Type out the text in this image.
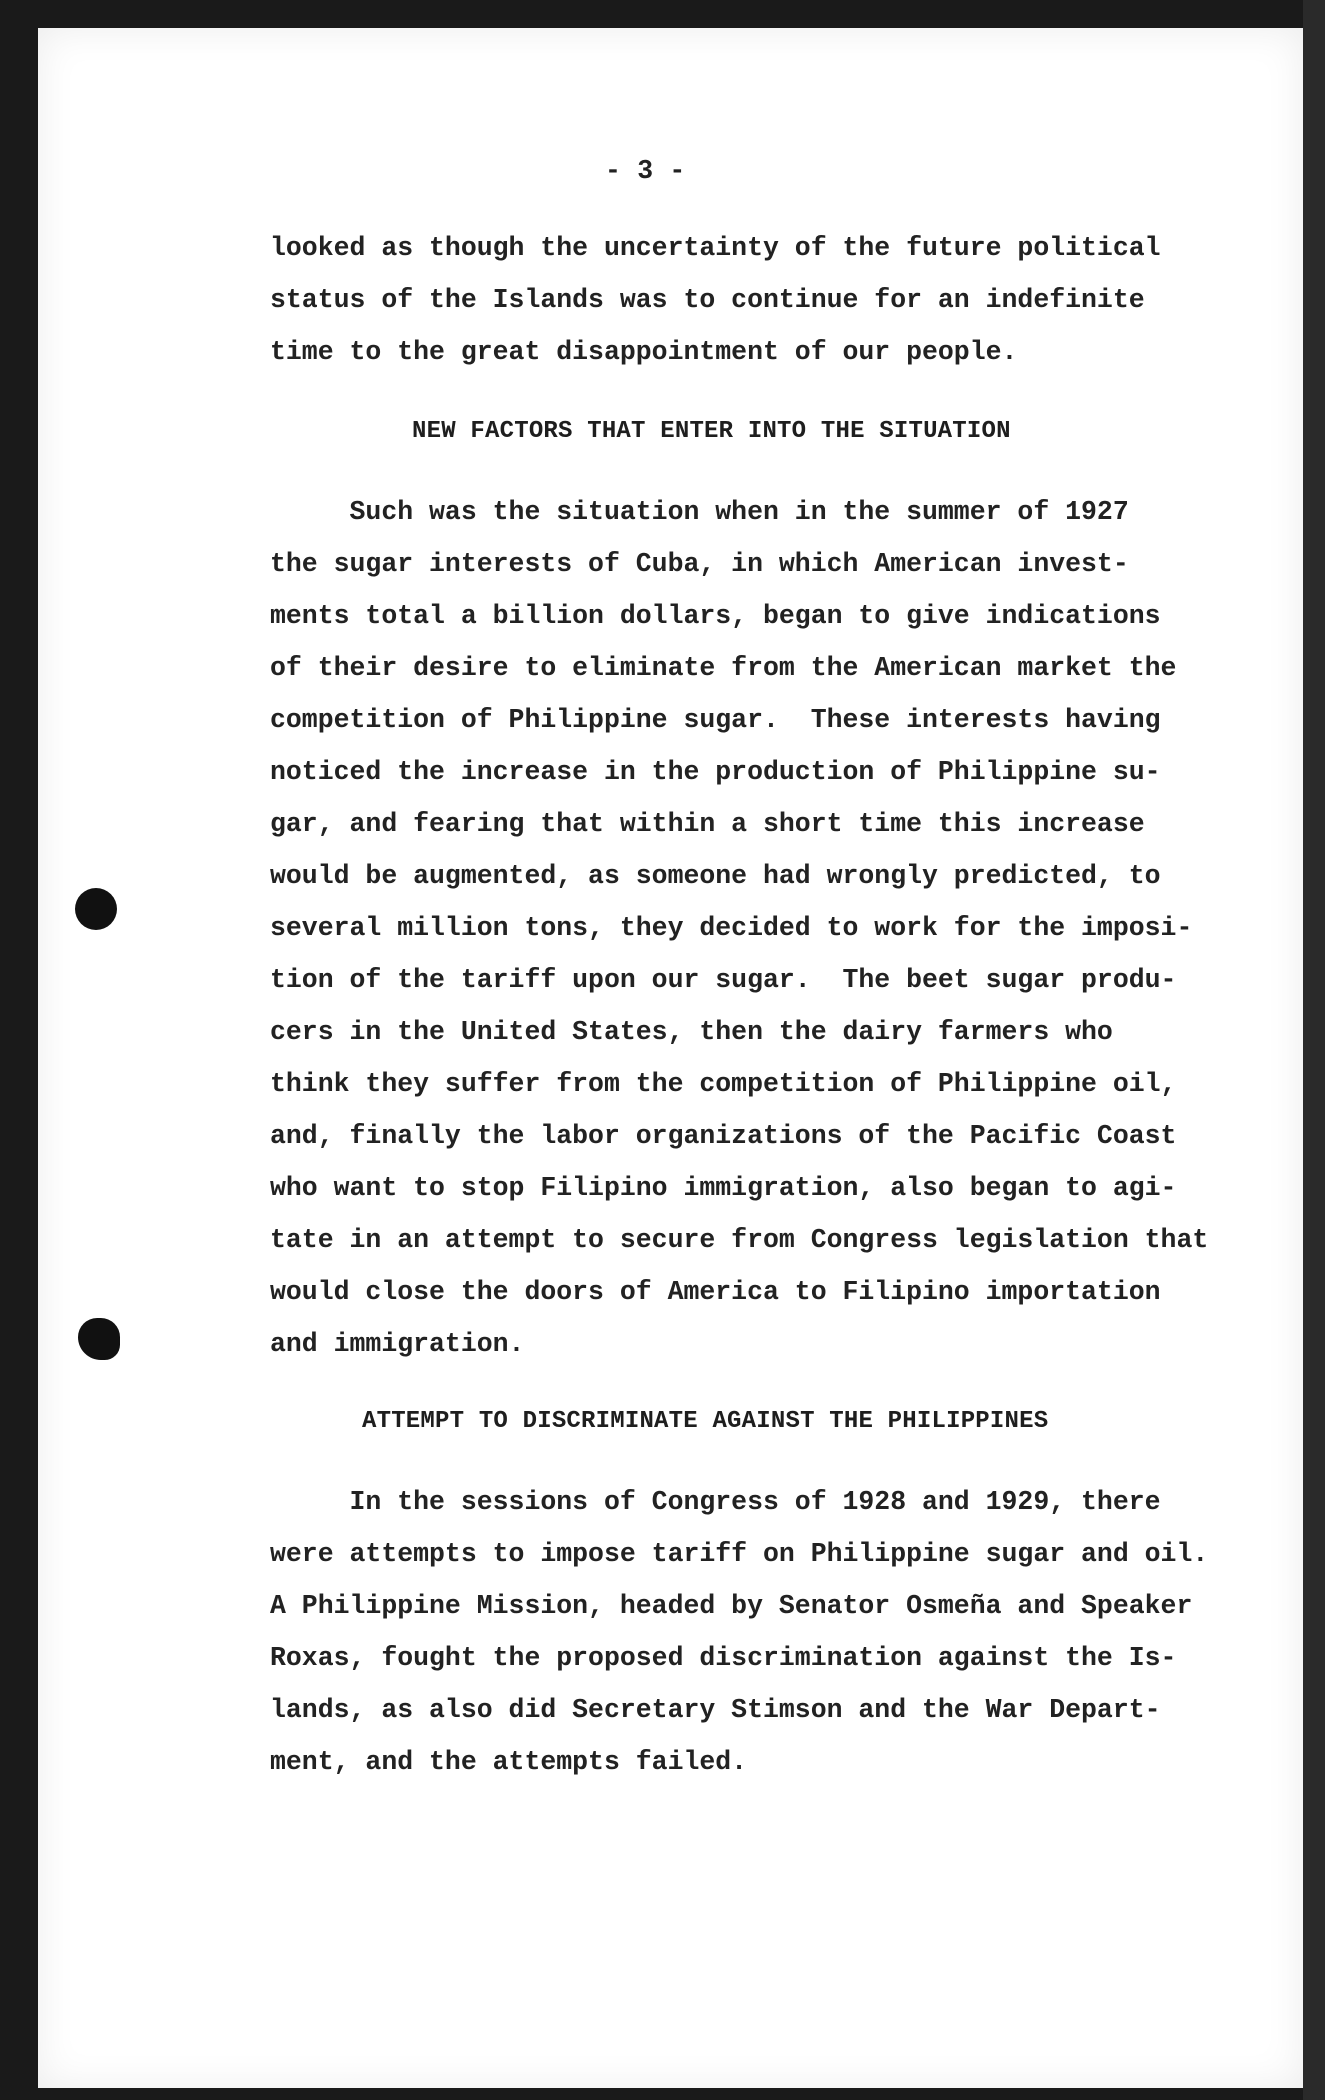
- 3 -
looked as though the uncertainty of the future political
status of the Islands was to continue for an indefinite
time to the great disappointment of our people.
NEW FACTORS THAT ENTER INTO THE SITUATION
Such was the situation when in the summer of 1927
the sugar interests of Cuba, in which American invest-
ments total a billion dollars, began to give indications
of their desire to eliminate from the American market the
competition of Philippine sugar.  These interests having
noticed the increase in the production of Philippine su-
gar, and fearing that within a short time this increase
would be augmented, as someone had wrongly predicted, to
several million tons, they decided to work for the imposi-
tion of the tariff upon our sugar.  The beet sugar produ-
cers in the United States, then the dairy farmers who
think they suffer from the competition of Philippine oil,
and, finally the labor organizations of the Pacific Coast
who want to stop Filipino immigration, also began to agi-
tate in an attempt to secure from Congress legislation that
would close the doors of America to Filipino importation
and immigration.
ATTEMPT TO DISCRIMINATE AGAINST THE PHILIPPINES
In the sessions of Congress of 1928 and 1929, there
were attempts to impose tariff on Philippine sugar and oil.
A Philippine Mission, headed by Senator Osmeña and Speaker
Roxas, fought the proposed discrimination against the Is-
lands, as also did Secretary Stimson and the War Depart-
ment, and the attempts failed.
